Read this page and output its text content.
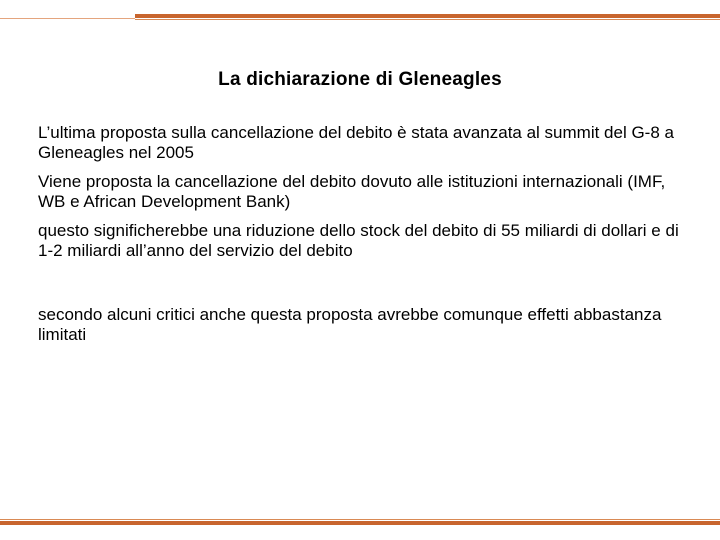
La dichiarazione di Gleneagles

L’ultima proposta sulla cancellazione del debito è stata avanzata al summit del G-8 a Gleneagles nel 2005

Viene proposta la cancellazione del debito dovuto alle istituzioni internazionali (IMF, WB e African Development Bank)

questo significherebbe una riduzione dello stock del debito di 55 miliardi di dollari e di 1-2 miliardi all’anno del servizio del debito

secondo alcuni critici anche questa proposta avrebbe comunque effetti abbastanza limitati
